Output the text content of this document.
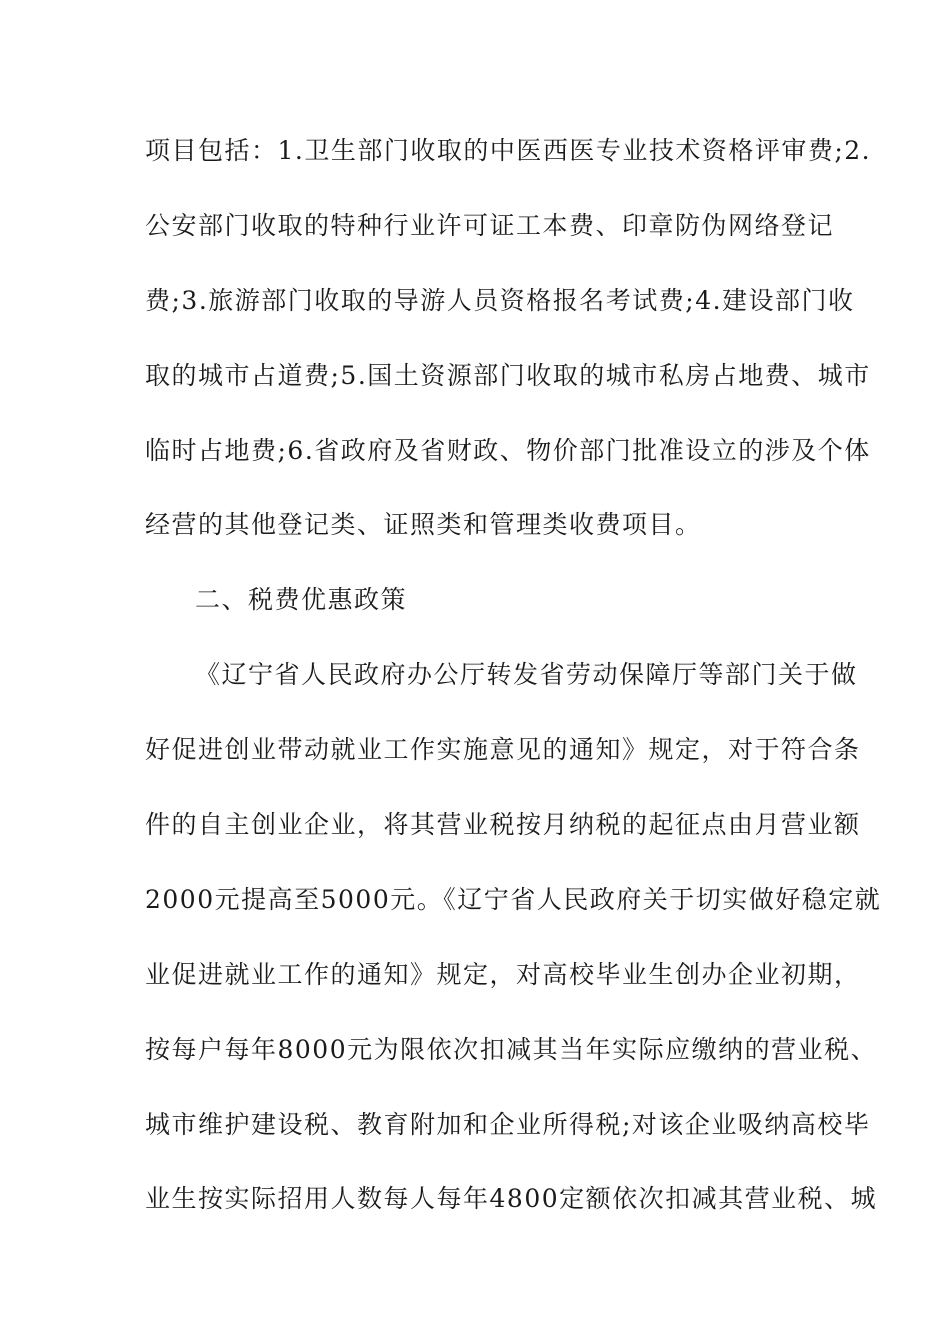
项目包括：1.卫生部门收取的中医西医专业技术资格评审费;2.
公安部门收取的特种行业许可证工本费、印章防伪网络登记
费;3.旅游部门收取的导游人员资格报名考试费;4.建设部门收
取的城市占道费;5.国土资源部门收取的城市私房占地费、城市
临时占地费;6.省政府及省财政、物价部门批准设立的涉及个体
经营的其他登记类、证照类和管理类收费项目。
二、税费优惠政策
《辽宁省人民政府办公厅转发省劳动保障厅等部门关于做
好促进创业带动就业工作实施意见的通知》规定，对于符合条
件的自主创业企业，将其营业税按月纳税的起征点由月营业额
2000元提高至5000元。《辽宁省人民政府关于切实做好稳定就
业促进就业工作的通知》规定，对高校毕业生创办企业初期，
按每户每年8000元为限依次扣减其当年实际应缴纳的营业税、
城市维护建设税、教育附加和企业所得税;对该企业吸纳高校毕
业生按实际招用人数每人每年4800定额依次扣减其营业税、城
